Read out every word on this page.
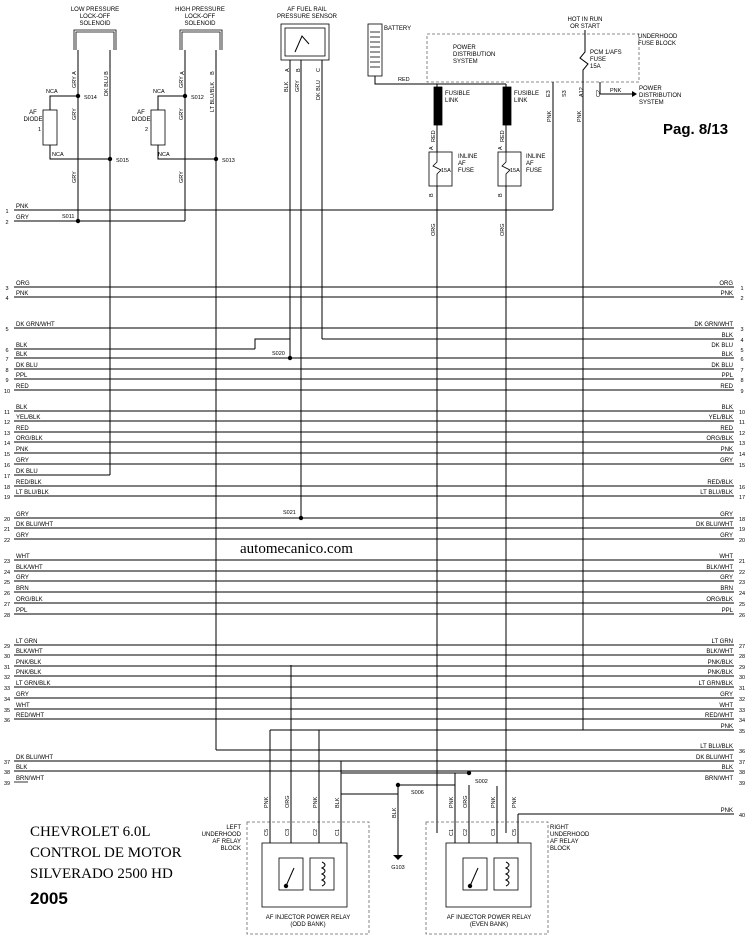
Pag. 8/13
automecanico.com
CHEVROLET 6.0L
CONTROL DE MOTOR
SILVERADO 2500 HD
2005
1
PNK
2
GRY
3
ORG
4
PNK
5
DK GRN/WHT
6
BLK
7
BLK
8
DK BLU
9
PPL
10
RED
11
BLK
12
YEL/BLK
13
RED
14
ORG/BLK
15
PNK
16
GRY
17
DK BLU
18
RED/BLK
19
LT BLU/BLK
20
GRY
21
DK BLU/WHT
22
GRY
23
WHT
24
BLK/WHT
25
GRY
26
BRN
27
ORG/BLK
28
PPL
29
LT GRN
30
BLK/WHT
31
PNK/BLK
32
PNK/BLK
33
LT GRN/BLK
34
GRY
35
WHT
36
RED/WHT
37
DK BLU/WHT
38
BLK
39
BRN/WHT
1
ORG
2
PNK
3
DK GRN/WHT
4
BLK
5
DK BLU
6
BLK
7
DK BLU
8
PPL
9
RED
10
BLK
11
YEL/BLK
12
RED
13
ORG/BLK
14
PNK
15
GRY
16
RED/BLK
17
LT BLU/BLK
18
GRY
19
DK BLU/WHT
20
GRY
21
WHT
22
BLK/WHT
23
GRY
24
BRN
25
ORG/BLK
26
PPL
27
LT GRN
28
BLK/WHT
29
PNK/BLK
30
PNK/BLK
31
LT GRN/BLK
32
GRY
33
WHT
34
RED/WHT
35
PNK
36
LT BLU/BLK
37
DK BLU/WHT
38
BLK
39
BRN/WHT
40
PNK
LOW PRESSURE
LOCK-OFF
SOLENOID
A	B
GRY	DK BLU
GRY
GRY
S014
S015
NCA
NCA
AF
DIODE
1
S011
HIGH PRESSURE
LOCK-OFF
SOLENOID
A	B
GRY	LT BLU/BLK
GRY
GRY
S012
S013
NCA
NCA
AF
DIODE
2
AF FUEL RAIL
PRESSURE SENSOR
A B	C
BLK GRY	DK BLU
S020
S021
BATTERY
RED
POWER
DISTRIBUTION
SYSTEM
HOT IN RUN
OR START
UNDERHOOD
FUSE BLOCK
PCM 1/AFS
FUSE
15A
FUSIBLE
LINK
FUSIBLE
LINK
RED	RED
A	A
15A	15A
INLINE
AF
FUSE
INLINE
AF
FUSE
B	B
ORG	ORG
E3 S3 A12 C2
PNK	PNK
PNK	POWER
DISTRIBUTION
SYSTEM
LEFT
UNDERHOOD
AF RELAY
BLOCK
RIGHT
UNDERHOOD
AF RELAY
BLOCK
AF INJECTOR POWER RELAY
(ODD BANK)
AF INJECTOR POWER RELAY
(EVEN BANK)
PNK
C5
ORG
C3
PNK
C2
BLK
C1
PNK
C1
ORG
C2
PNK
C3
PNK
C5
S006
S002
BLK
G103
